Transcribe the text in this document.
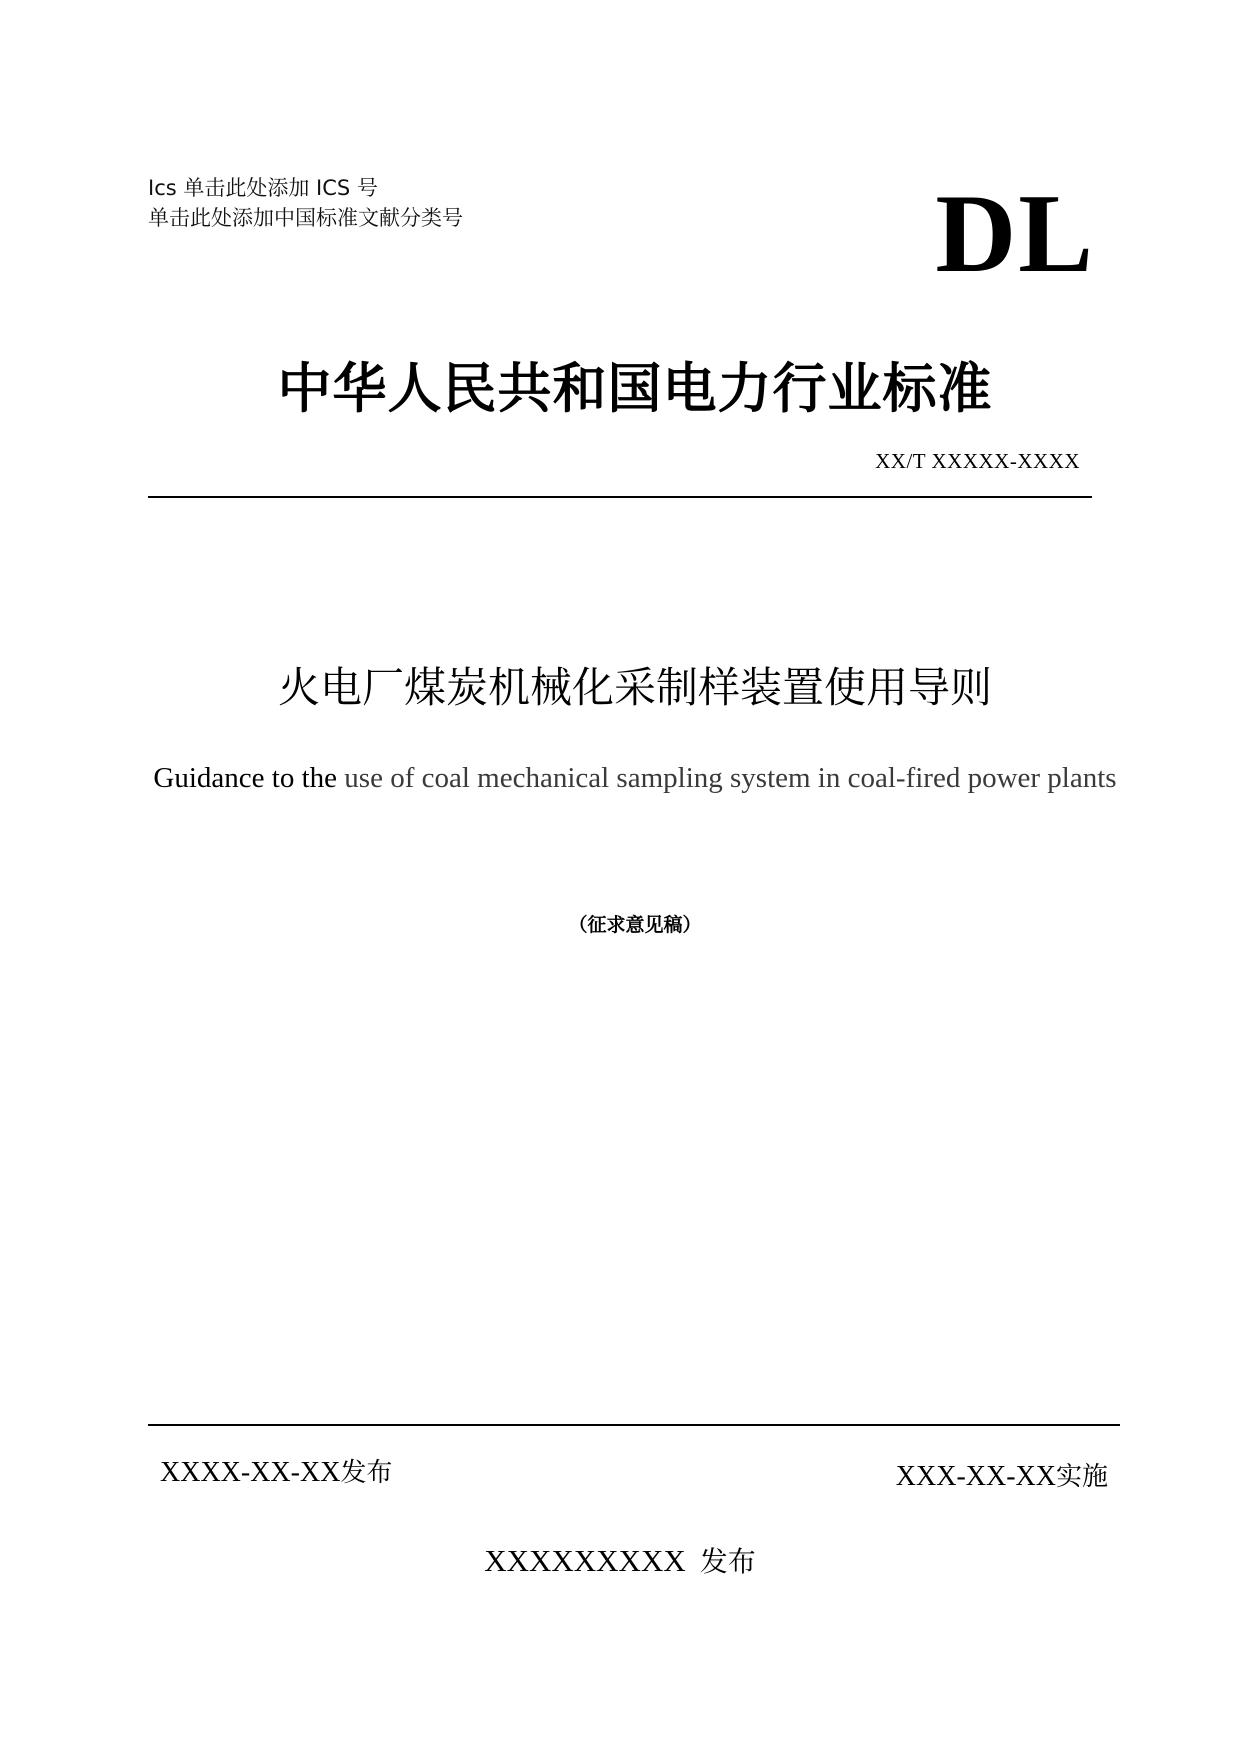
Ics 单击此处添加 ICS 号
单击此处添加中国标准文献分类号	DL
中华人民共和国电力行业标准
XX/T XXXXX-XXXX
火电厂煤炭机械化采制样装置使用导则
Guidance to the use of coal mechanical sampling system in coal-fired power plants
（征求意见稿）
XXXX-XX-XX发布	XXX-XX-XX实施
XXXXXXXXX 发布
